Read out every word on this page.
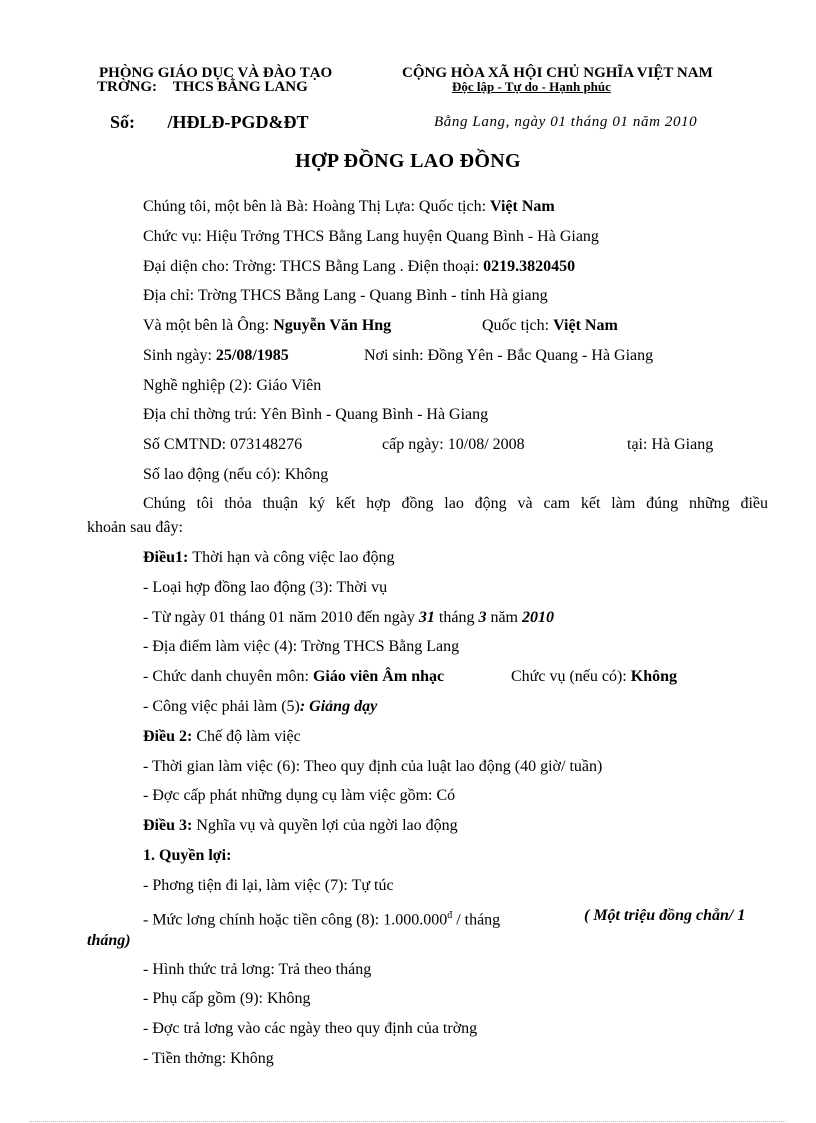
PHÒNG GIÁO DỤC VÀ ĐÀO TẠO
TRỜNG: THCS BẰNG LANG
CỘNG HÒA XÃ HỘI CHỦ NGHĨA VIỆT NAM
Độc lập - Tự do - Hạnh phúc
Số: /HĐLĐ-PGD&ĐT	Bằng Lang, ngày 01 tháng 01 năm 2010
HỢP ĐỒNG LAO ĐỒNG
Chúng tôi, một bên là Bà: Hoàng Thị Lựa: Quốc tịch: Việt Nam
Chức vụ: Hiệu Trởng THCS Bằng Lang huyện Quang Bình - Hà Giang
Đại diện cho: Trờng: THCS Bằng Lang . Điện thoại: 0219.3820450
Địa chỉ: Trờng THCS Bằng Lang - Quang Bình - tỉnh Hà giang
Và một bên là Ông: Nguyễn Văn Hng	Quốc tịch: Việt Nam
Sinh ngày: 25/08/1985	Nơi sinh: Đồng Yên - Bắc Quang - Hà Giang
Nghề nghiệp (2): Giáo Viên
Địa chỉ thờng trú: Yên Bình - Quang Bình - Hà Giang
Số CMTND: 073148276	cấp ngày: 10/08/ 2008	tại: Hà Giang
Số lao động (nếu có): Không
Chúng tôi thỏa thuận ký kết hợp đồng lao động và cam kết làm đúng những điều
khoản sau đây:
Điều1: Thời hạn và công việc lao động
- Loại hợp đồng lao động (3): Thời vụ
- Từ ngày 01 tháng 01 năm 2010 đến ngày 31 tháng 3 năm 2010
- Địa điểm làm việc (4): Trờng THCS Bằng Lang
- Chức danh chuyên môn: Giáo viên Âm nhạc	Chức vụ (nếu có): Không
- Công việc phải làm (5): Giảng dạy
Điều 2: Chế độ làm việc
- Thời gian làm việc (6): Theo quy định của luật lao động (40 giờ/ tuần)
- Đợc cấp phát những dụng cụ làm việc gồm: Có
Điều 3: Nghĩa vụ và quyền lợi của ngời lao động
1. Quyền lợi:
- Phơng tiện đi lại, làm việc (7): Tự túc
- Mức lơng chính hoặc tiền công (8): $1.000.000^đ$ / tháng	( Một triệu đồng chẵn/ 1
tháng)
- Hình thức trả lơng: Trả theo tháng
- Phụ cấp gồm (9): Không
- Đợc trả lơng vào các ngày theo quy định của trờng
- Tiền thởng: Không
